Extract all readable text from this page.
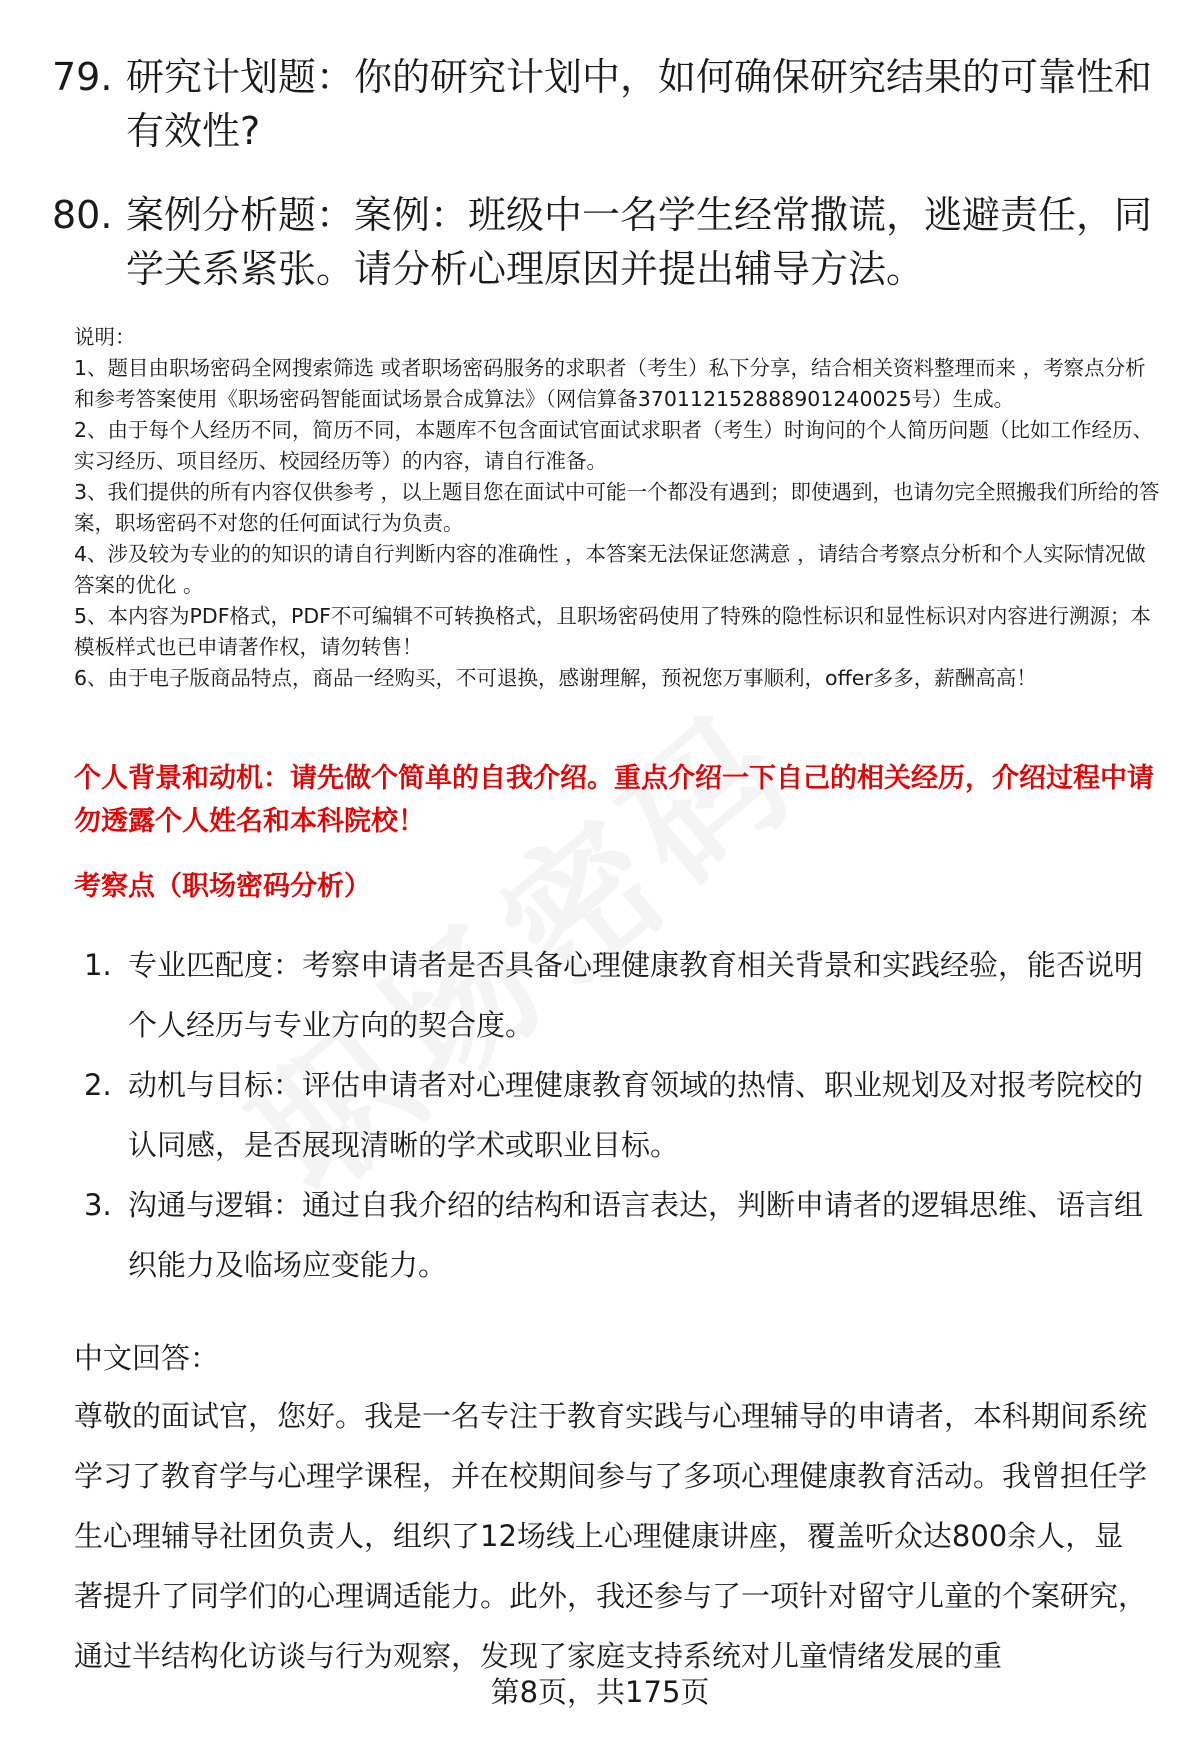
79. 研究计划题：你的研究计划中，如何确保研究结果的可靠性和有效性?
80. 案例分析题：案例：班级中一名学生经常撒谎，逃避责任，同学关系紧张。请分析心理原因并提出辅导方法。

说明：

1、题目由职场密码全网搜索筛选 或者职场密码服务的求职者（考生）私下分享，结合相关资料整理而来 ，考察点分析和参考答案使用《职场密码智能面试场景合成算法》（网信算备370112152888901240025号）生成。

2、由于每个人经历不同，简历不同，本题库不包含面试官面试求职者（考生）时询问的个人简历问题（比如工作经历、实习经历、项目经历、校园经历等）的内容，请自行准备。

3、我们提供的所有内容仅供参考 ，以上题目您在面试中可能一个都没有遇到；即使遇到，也请勿完全照搬我们所给的答案，职场密码不对您的任何面试行为负责。

4、涉及较为专业的的知识的请自行判断内容的准确性 ，本答案无法保证您满意 ，请结合考察点分析和个人实际情况做答案的优化 。

5、本内容为PDF格式，PDF不可编辑不可转换格式，且职场密码使用了特殊的隐性标识和显性标识对内容进行溯源；本模板样式也已申请著作权，请勿转售！

6、由于电子版商品特点，商品一经购买，不可退换，感谢理解，预祝您万事顺利，offer多多，薪酬高高！

个人背景和动机：请先做个简单的自我介绍。重点介绍一下自己的相关经历，介绍过程中请勿透露个人姓名和本科院校！
考察点（职场密码分析）
1. 专业匹配度：考察申请者是否具备心理健康教育相关背景和实践经验，能否说明个人经历与专业方向的契合度。
2. 动机与目标：评估申请者对心理健康教育领域的热情、职业规划及对报考院校的认同感，是否展现清晰的学术或职业目标。
3. 沟通与逻辑：通过自我介绍的结构和语言表达，判断申请者的逻辑思维、语言组织能力及临场应变能力。
中文回答：
尊敬的面试官，您好。我是一名专注于教育实践与心理辅导的申请者，本科期间系统学习了教育学与心理学课程，并在校期间参与了多项心理健康教育活动。我曾担任学生心理辅导社团负责人，组织了12场线上心理健康讲座，覆盖听众达800余人，显著提升了同学们的心理调适能力。此外，我还参与了一项针对留守儿童的个案研究，通过半结构化访谈与行为观察，发现了家庭支持系统对儿童情绪发展的重
第8页，共175页
